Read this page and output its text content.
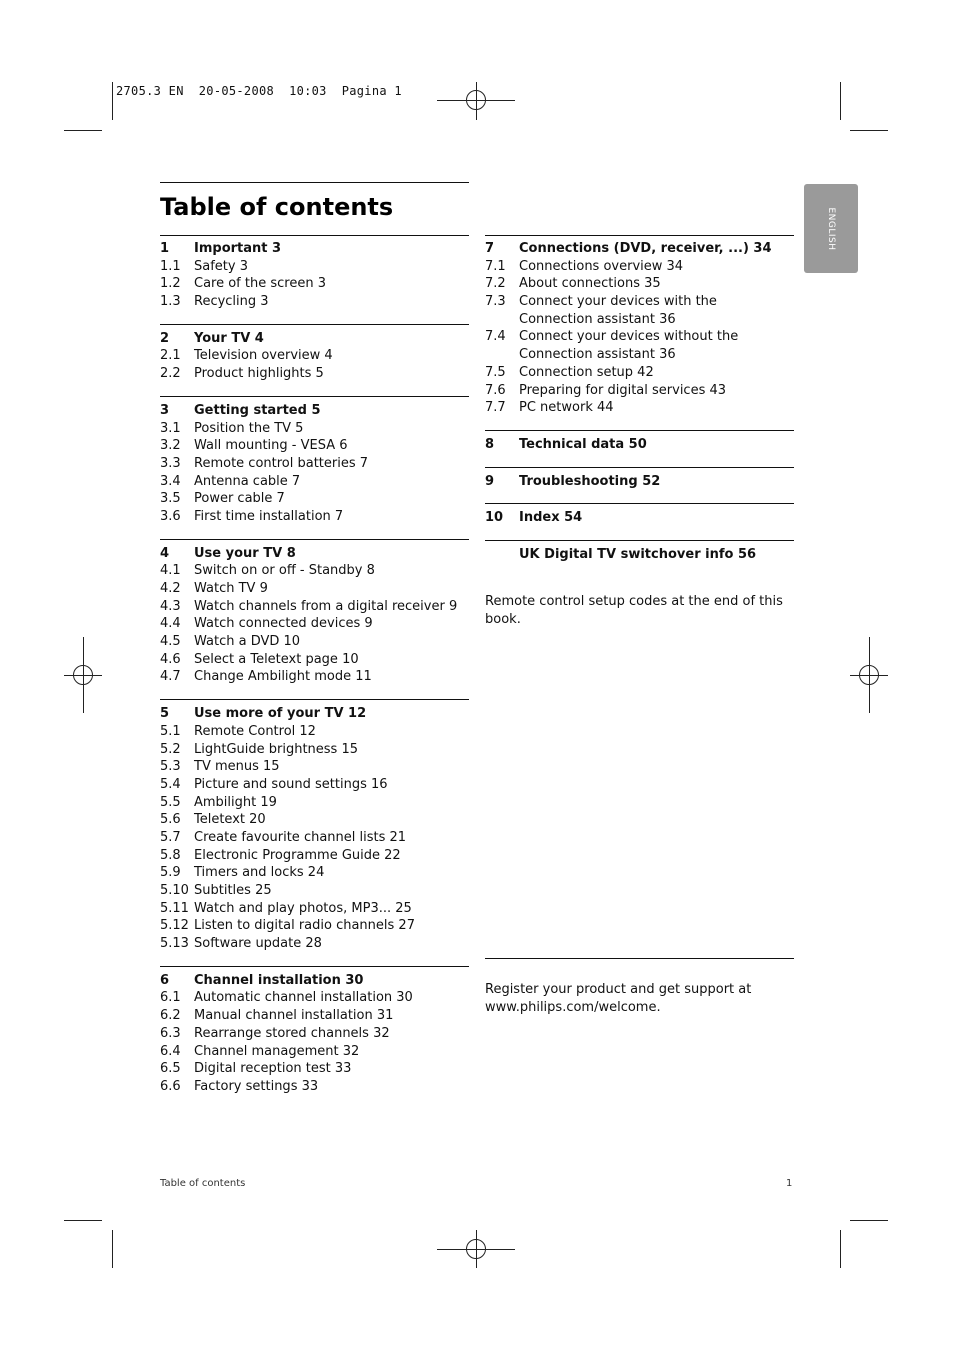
2705.3 EN  20-05-2008  10:03  Pagina 1
Table of contents	ENGLISH
1 Important 3
1.1 Safety 3
1.2 Care of the screen 3
1.3 Recycling 3
2 Your TV 4
2.1 Television overview 4
2.2 Product highlights 5
3 Getting started 5
3.1 Position the TV 5
3.2 Wall mounting - VESA 6
3.3 Remote control batteries 7
3.4 Antenna cable 7
3.5 Power cable 7
3.6 First time installation 7
4 Use your TV 8
4.1 Switch on or off - Standby 8
4.2 Watch TV 9
4.3 Watch channels from a digital receiver 9
4.4 Watch connected devices 9
4.5 Watch a DVD 10
4.6 Select a Teletext page 10
4.7 Change Ambilight mode 11
5 Use more of your TV 12
5.1 Remote Control 12
5.2 LightGuide brightness 15
5.3 TV menus 15
5.4 Picture and sound settings 16
5.5 Ambilight 19
5.6 Teletext 20
5.7 Create favourite channel lists 21
5.8 Electronic Programme Guide 22
5.9 Timers and locks 24
5.10 Subtitles 25
5.11 Watch and play photos, MP3... 25
5.12 Listen to digital radio channels 27
5.13 Software update 28
6 Channel installation 30
6.1 Automatic channel installation 30
6.2 Manual channel installation 31
6.3 Rearrange stored channels 32
6.4 Channel management 32
6.5 Digital reception test 33
6.6 Factory settings 33
7 Connections (DVD, receiver, ...) 34
7.1 Connections overview 34
7.2 About connections 35
7.3 Connect your devices with the
Connection assistant 36
7.4 Connect your devices without the
Connection assistant 36
7.5 Connection setup 42
7.6 Preparing for digital services 43
7.7 PC network 44
8 Technical data 50
9 Troubleshooting 52
10 Index 54
UK Digital TV switchover info 56
Remote control setup codes at the end of this book.
Register your product and get support at www.philips.com/welcome.
Table of contents	1
